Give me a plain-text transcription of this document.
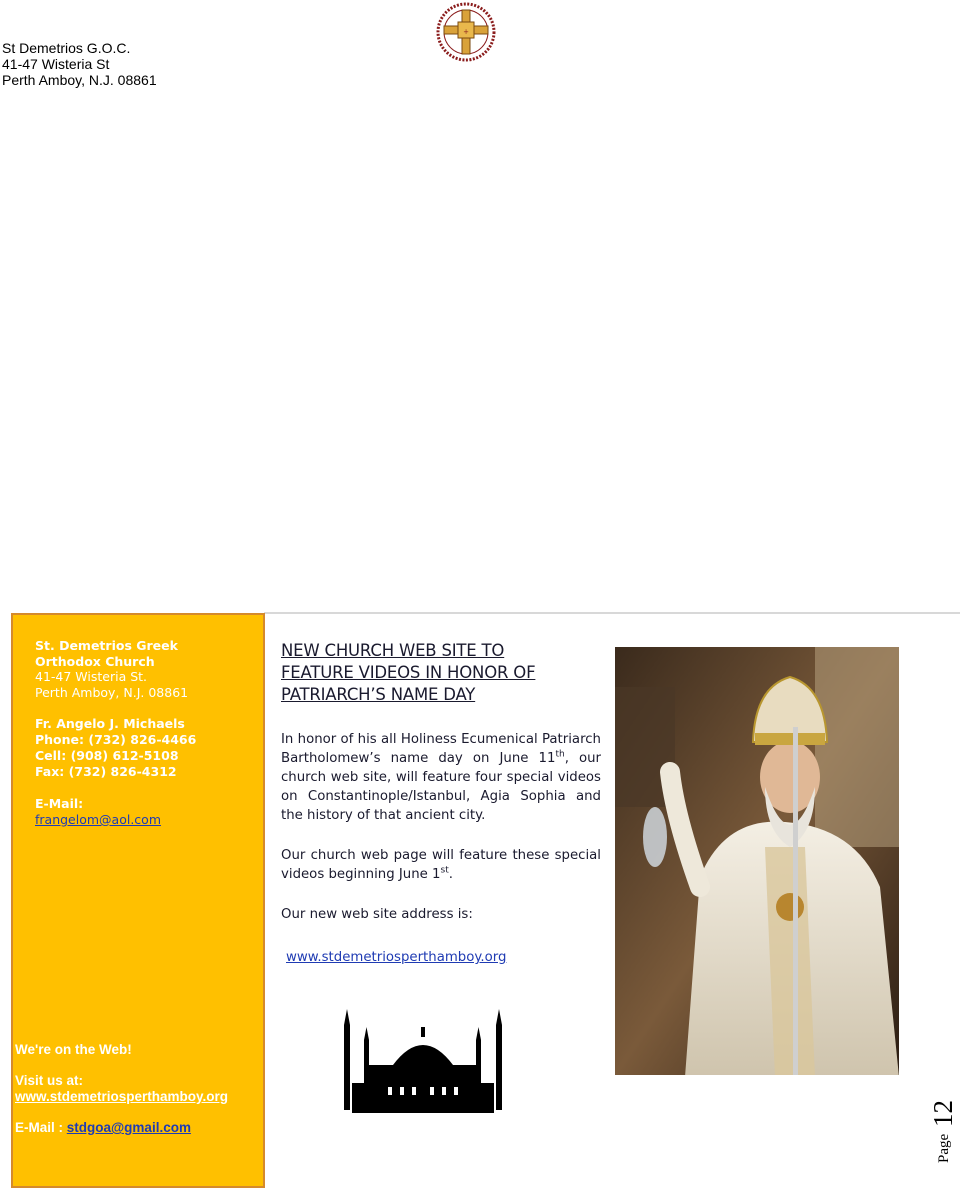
St Demetrios G.O.C.
41-47 Wisteria St
Perth Amboy, N.J. 08861
+
St. Demetrios Greek
Orthodox Church
41-47 Wisteria St.
Perth Amboy, N.J. 08861
Fr. Angelo J. Michaels
Phone: (732) 826-4466
Cell: (908) 612-5108
Fax: (732) 826-4312
E-Mail:
frangelom@aol.com
We're on the Web!
Visit us at:
www.stdemetriosperthamboy.org
E-Mail : stdgoa@gmail.com
NEW CHURCH WEB SITE TO
FEATURE VIDEOS IN HONOR OF
PATRIARCH’S NAME DAY

In honor of his all Holiness Ecumenical Patriarch Bartholomew’s name day on June 11th, our church web site, will feature four special videos on Constantinople/Istanbul, Agia Sophia and the history of that ancient city.

Our church web page will feature these special videos beginning June 1st.

Our new web site address is:

www.stdemetriosperthamboy.org

Page
12
